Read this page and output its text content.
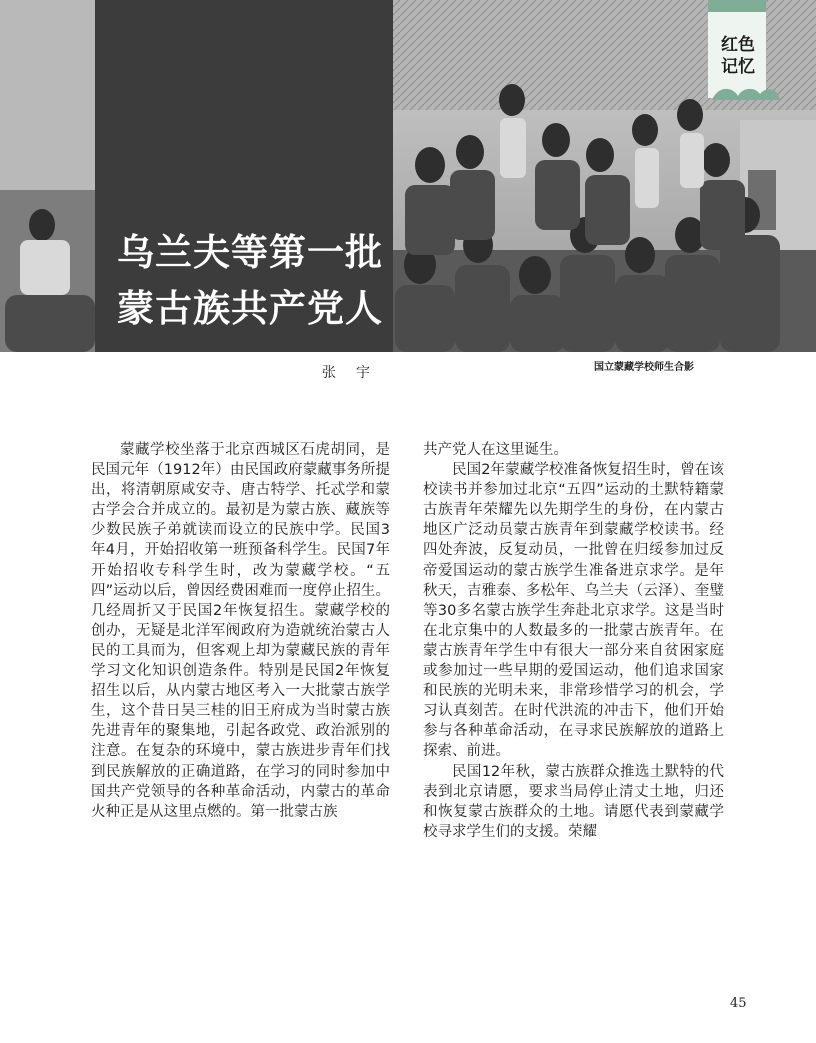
乌兰夫等第一批
蒙古族共产党人
红色
记忆
张宇	国立蒙藏学校师生合影

蒙藏学校坐落于北京西城区石虎胡同，是民国元年（1912年）由民国政府蒙藏事务所提出，将清朝原咸安寺、唐古特学、托忒学和蒙古学会合并成立的。最初是为蒙古族、藏族等少数民族子弟就读而设立的民族中学。民国3年4月，开始招收第一班预备科学生。民国7年开始招收专科学生时，改为蒙藏学校。“五四”运动以后，曾因经费困难而一度停止招生。几经周折又于民国2年恢复招生。蒙藏学校的创办，无疑是北洋军阀政府为造就统治蒙古人民的工具而为，但客观上却为蒙藏民族的青年学习文化知识创造条件。特别是民国2年恢复招生以后，从内蒙古地区考入一大批蒙古族学生，这个昔日吴三桂的旧王府成为当时蒙古族先进青年的聚集地，引起各政党、政治派别的注意。在复杂的环境中，蒙古族进步青年们找到民族解放的正确道路，在学习的同时参加中国共产党领导的各种革命活动，内蒙古的革命火种正是从这里点燃的。第一批蒙古族

共产党人在这里诞生。

民国2年蒙藏学校准备恢复招生时，曾在该校读书并参加过北京“五四”运动的土默特籍蒙古族青年荣耀先以先期学生的身份，在内蒙古地区广泛动员蒙古族青年到蒙藏学校读书。经四处奔波，反复动员，一批曾在归绥参加过反帝爱国运动的蒙古族学生准备进京求学。是年秋天，吉雅泰、多松年、乌兰夫（云泽）、奎璧等30多名蒙古族学生奔赴北京求学。这是当时在北京集中的人数最多的一批蒙古族青年。在蒙古族青年学生中有很大一部分来自贫困家庭或参加过一些早期的爱国运动，他们追求国家和民族的光明未来，非常珍惜学习的机会，学习认真刻苦。在时代洪流的冲击下，他们开始参与各种革命活动，在寻求民族解放的道路上探索、前进。

民国12年秋，蒙古族群众推选土默特的代表到北京请愿，要求当局停止清丈土地，归还和恢复蒙古族群众的土地。请愿代表到蒙藏学校寻求学生们的支援。荣耀

45
